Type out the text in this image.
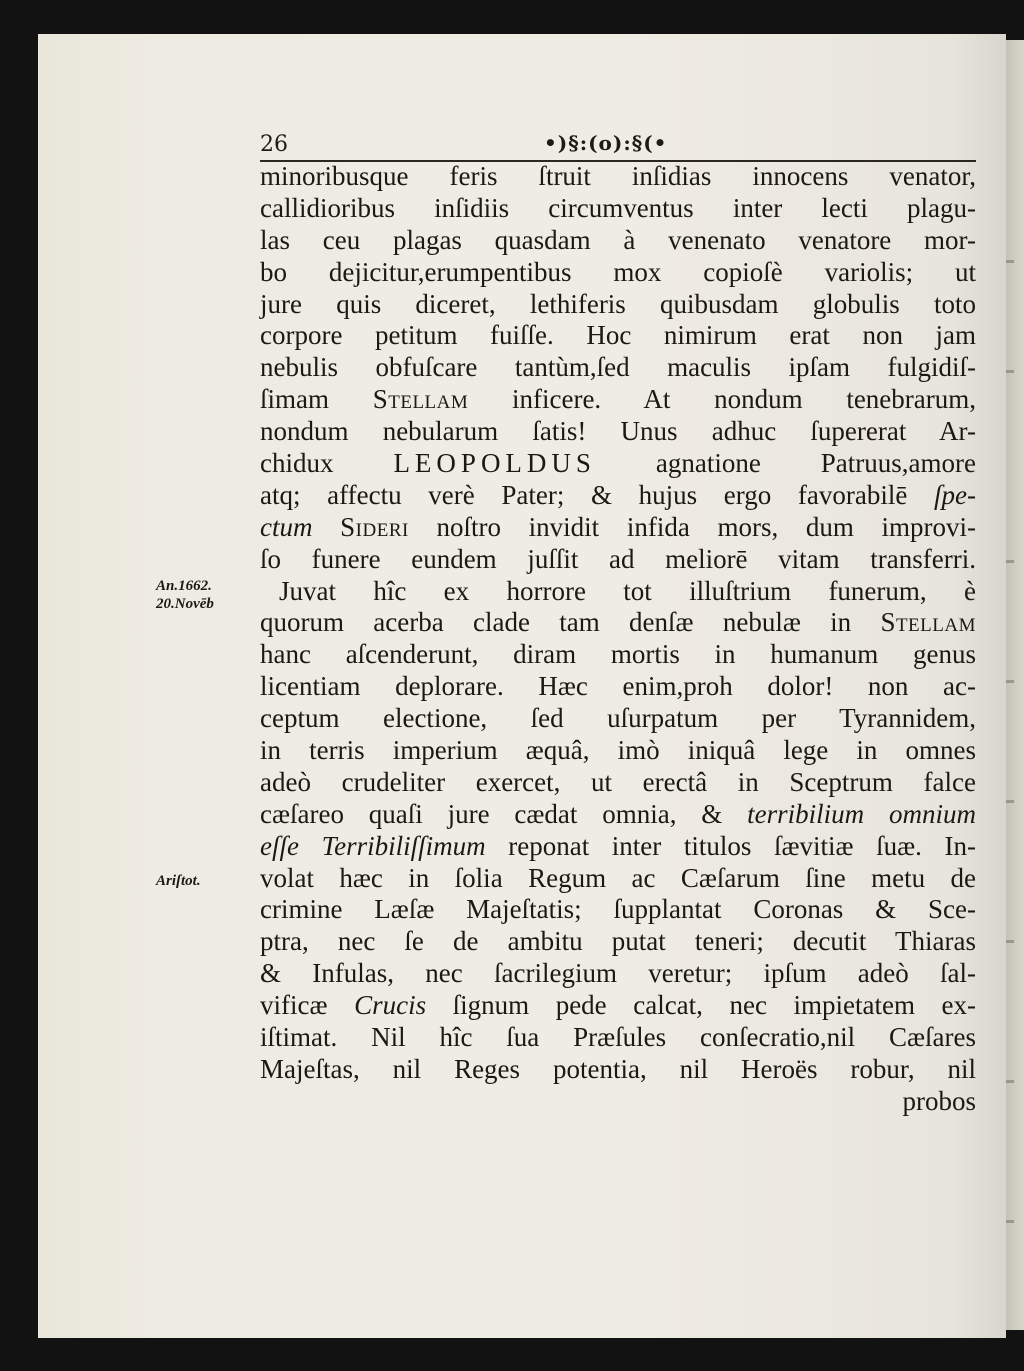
26	•)§:(o):§(•
An.1662.
20.Novēb
Ariſtot.
minoribusque feris ſtruit inſidias innocens venator,
callidioribus inſidiis circumventus inter lecti plagu-
las ceu plagas quasdam à venenato venatore mor-
bo dejicitur,erumpentibus mox copioſè variolis; ut
jure quis diceret, lethiferis quibusdam globulis toto
corpore petitum fuiſſe. Hoc nimirum erat non jam
nebulis obfuſcare tantùm,ſed maculis ipſam fulgidiſ-
ſimam Stellam inficere. At nondum tenebrarum,
nondum nebularum ſatis! Unus adhuc ſupererat Ar-
chidux LEOPOLDUS agnatione Patruus,amore
atq; affectu verè Pater; & hujus ergo favorabilē ſpe-
ctum Sideri noſtro invidit infida mors, dum improvi-
ſo funere eundem juſſit ad meliorē vitam transferri.
Juvat hîc ex horrore tot illuſtrium funerum, è
quorum acerba clade tam denſæ nebulæ in Stellam
hanc aſcenderunt, diram mortis in humanum genus
licentiam deplorare. Hæc enim,proh dolor! non ac-
ceptum electione, ſed uſurpatum per Tyrannidem,
in terris imperium æquâ, imò iniquâ lege in omnes
adeò crudeliter exercet, ut erectâ in Sceptrum falce
cæſareo quaſi jure cædat omnia, & terribilium omnium
eſſe Terribiliſſimum reponat inter titulos ſævitiæ ſuæ. In-
volat hæc in ſolia Regum ac Cæſarum ſine metu de
crimine Læſæ Majeſtatis; ſupplantat Coronas & Sce-
ptra, nec ſe de ambitu putat teneri; decutit Thiaras
& Infulas, nec ſacrilegium veretur; ipſum adeò ſal-
vificæ Crucis ſignum pede calcat, nec impietatem ex-
iſtimat. Nil hîc ſua Præſules conſecratio,nil Cæſares
Majeſtas, nil Reges potentia, nil Heroës robur, nil
probos
